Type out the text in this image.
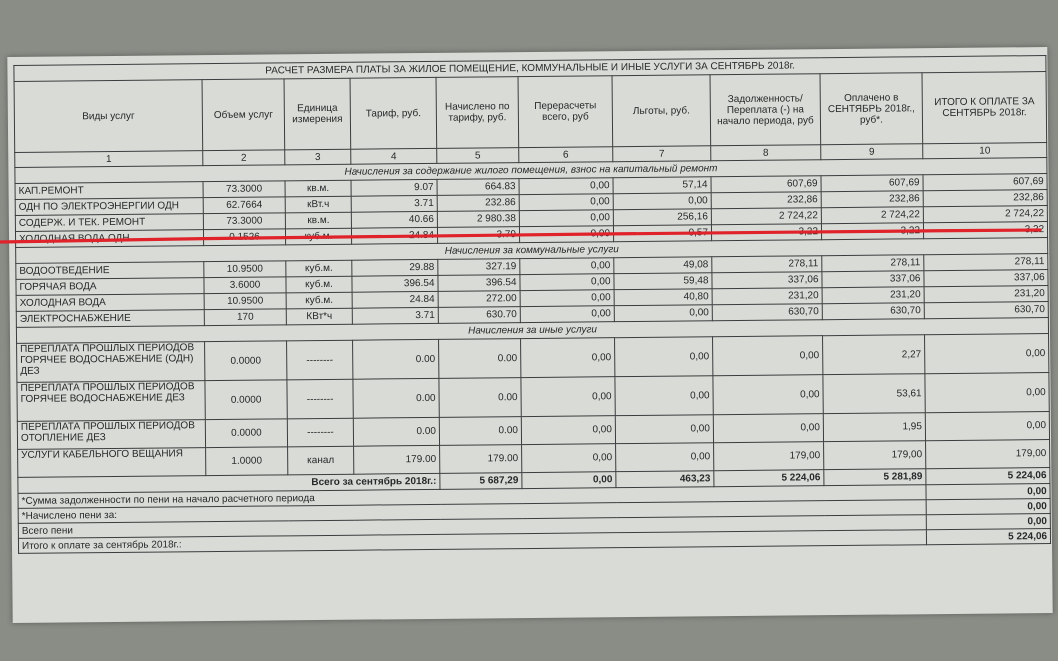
РАСЧЕТ РАЗМЕРА ПЛАТЫ ЗА ЖИЛОЕ ПОМЕЩЕНИЕ, КОММУНАЛЬНЫЕ И ИНЫЕ УСЛУГИ ЗА СЕНТЯБРЬ 2018г.									
Виды услуг	Объем услуг	Единица измерения	Тариф, руб.	Начислено по тарифу, руб.	Перерасчеты всего, руб	Льготы, руб.	Задолженность/ Переплата (-) на начало периода, руб	Оплачено в СЕНТЯБРЬ 2018г., руб*.	ИТОГО К ОПЛАТЕ ЗА СЕНТЯБРЬ 2018г.
1	2	3	4	5	6	7	8	9	10
Начисления за содержание жилого помещения, взнос на капитальный ремонт									
КАП.РЕМОНТ	73.3000	кв.м.	9.07	664.83	0,00	57,14	607,69	607,69	607,69
ОДН ПО ЭЛЕКТРОЭНЕРГИИ ОДН	62.7664	кВт.ч	3.71	232.86	0,00	0,00	232,86	232,86	232,86
СОДЕРЖ. И ТЕК. РЕМОНТ	73.3000	кв.м.	40.66	2 980.38	0,00	256,16	2 724,22	2 724,22	2 724,22
ХОЛОДНАЯ ВОДА ОДН	0.1526	куб.м.	24.84	3.79	0,00	0,57	3,22	3,22	3,22
Начисления за коммунальные услуги									
ВОДООТВЕДЕНИЕ	10.9500	куб.м.	29.88	327.19	0,00	49,08	278,11	278,11	278,11
ГОРЯЧАЯ ВОДА	3.6000	куб.м.	396.54	396.54	0,00	59,48	337,06	337,06	337,06
ХОЛОДНАЯ ВОДА	10.9500	куб.м.	24.84	272.00	0,00	40,80	231,20	231,20	231,20
ЭЛЕКТРОСНАБЖЕНИЕ	170	КВт*ч	3.71	630.70	0,00	0,00	630,70	630,70	630,70
Начисления за иные услуги									
ПЕРЕПЛАТА ПРОШЛЫХ ПЕРИОДОВ ГОРЯЧЕЕ ВОДОСНАБЖЕНИЕ (ОДН) ДЕЗ	0.0000	--------	0.00	0.00	0,00	0,00	0,00	2,27	0,00
ПЕРЕПЛАТА ПРОШЛЫХ ПЕРИОДОВ ГОРЯЧЕЕ ВОДОСНАБЖЕНИЕ ДЕЗ	0.0000	--------	0.00	0.00	0,00	0,00	0,00	53,61	0,00
ПЕРЕПЛАТА ПРОШЛЫХ ПЕРИОДОВ ОТОПЛЕНИЕ ДЕЗ	0.0000	--------	0.00	0.00	0,00	0,00	0,00	1,95	0,00
УСЛУГИ КАБЕЛЬНОГО ВЕЩАНИЯ	1.0000	канал	179.00	179.00	0,00	0,00	179,00	179,00	179,00
Всего за сентябрь 2018г.:				5 687,29	0,00	463,23	5 224,06	5 281,89	5 224,06
*Сумма задолженности по пени на начало расчетного периода									0,00
*Начислено пени за:									0,00
Всего пени									0,00
Итого к оплате за сентябрь 2018г.:									5 224,06
